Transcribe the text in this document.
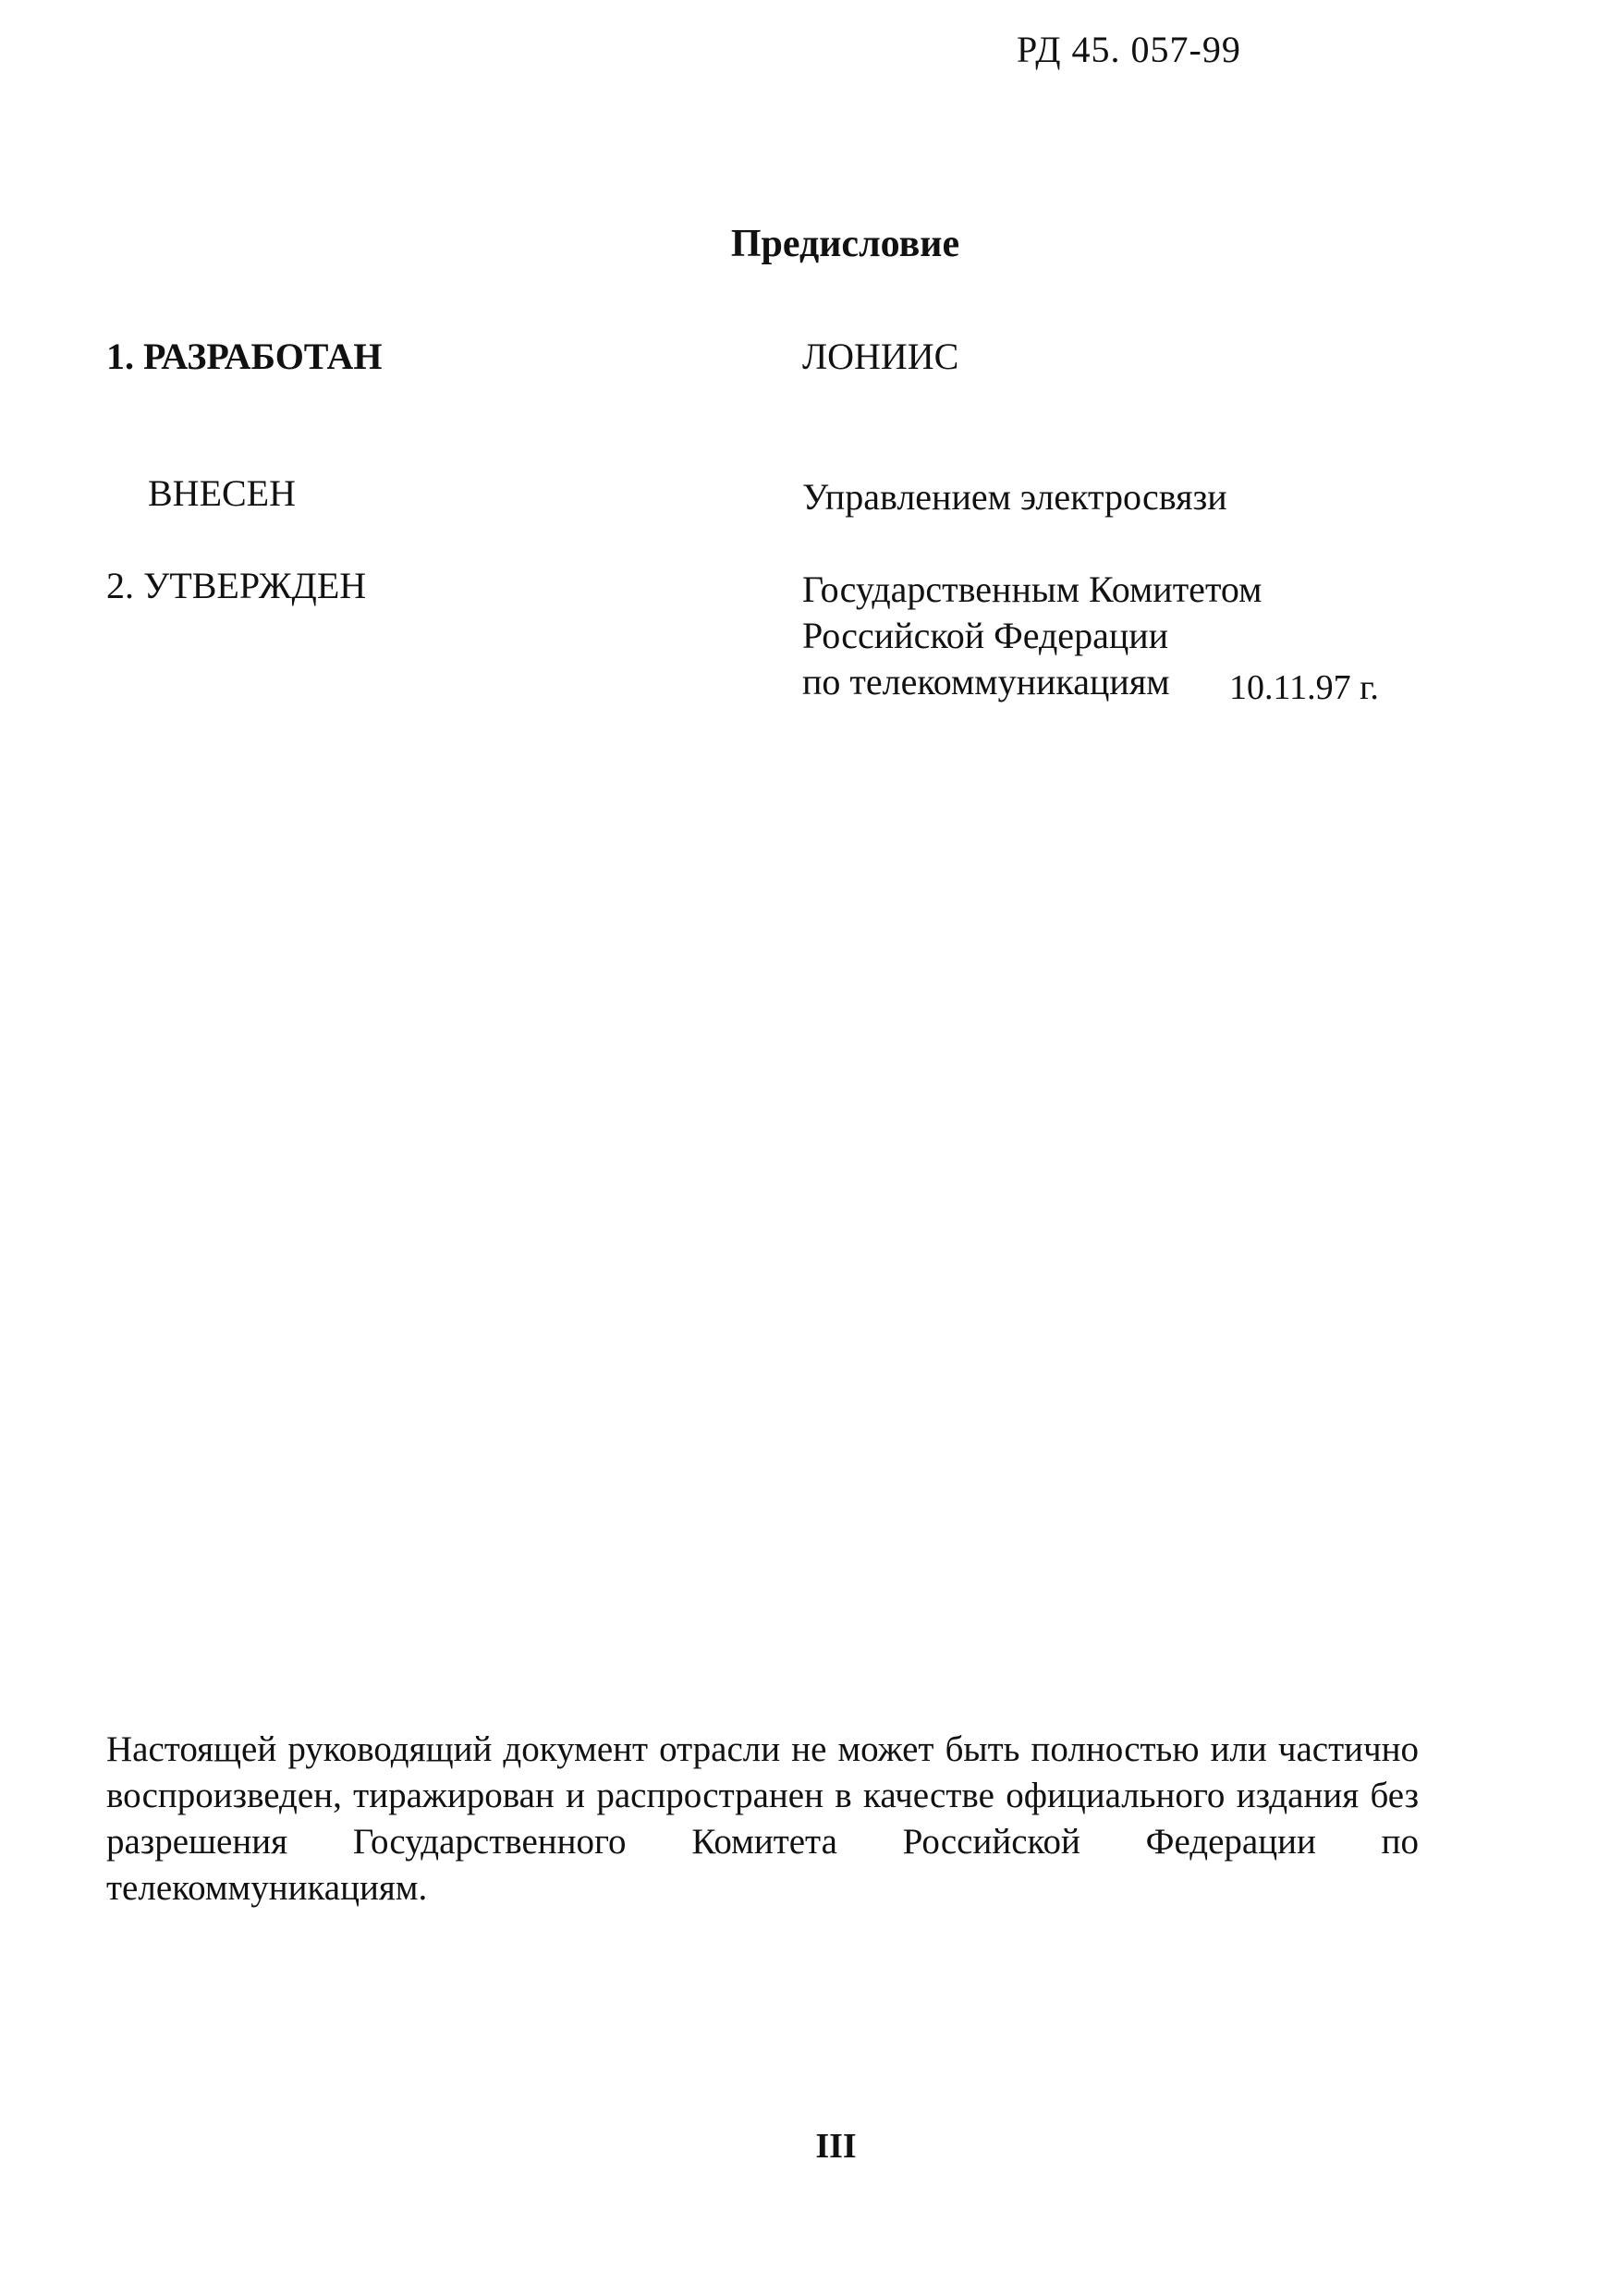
РД 45. 057-99
Предисловие
1. РАЗРАБОТАН	ЛОНИИС
ВНЕСЕН	Управлением электросвязи
2. УТВЕРЖДЕН	Государственным Комитетом
Российской Федерации
по телекоммуникациям 10.11.97 г.
Настоящей руководящий документ отрасли не может быть полностью или частично воспроизведен, тиражирован и распространен в качестве официального издания без разрешения Государственного Комитета Российской Федерации по телекоммуникациям.
III
